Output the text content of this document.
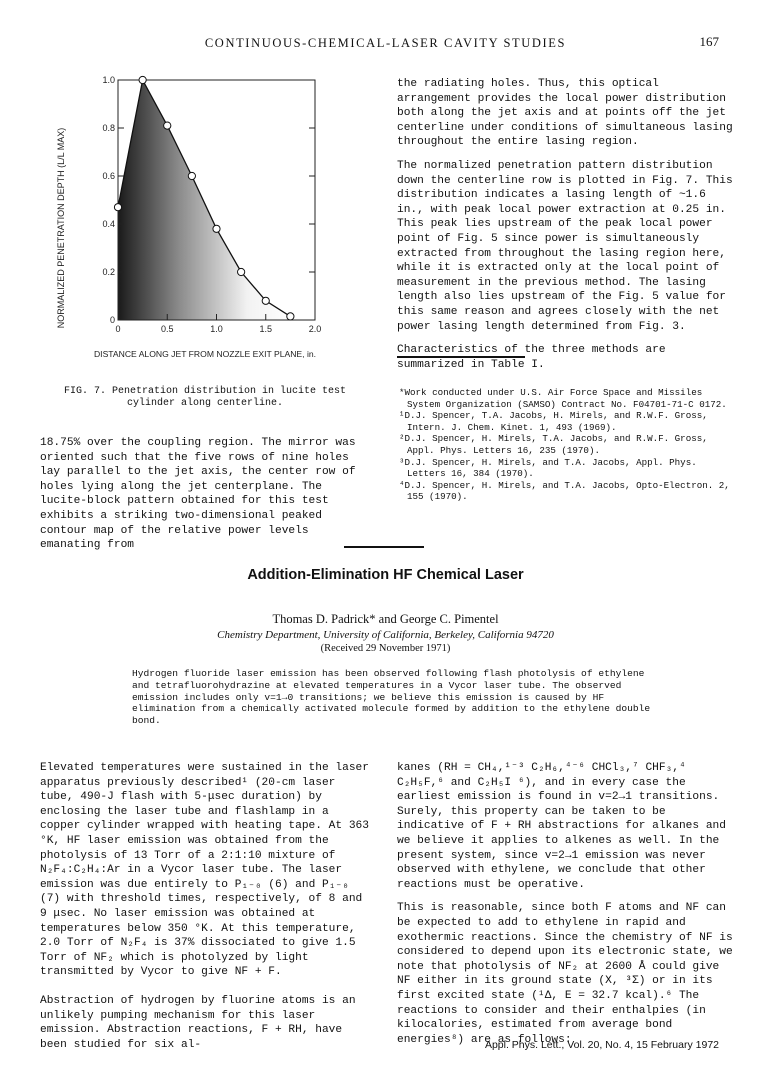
CONTINUOUS-CHEMICAL-LASER CAVITY STUDIES	167
0	0.5	1.0	1.5	2.0
0
0.2
0.4
0.6
0.8
1.0
NORMALIZED PENETRATION DEPTH (L/L MAX)
DISTANCE ALONG JET FROM NOZZLE EXIT PLANE, in.
FIG. 7. Penetration distribution in lucite test cylinder along centerline.

18.75% over the coupling region. The mirror was oriented such that the five rows of nine holes lay parallel to the jet axis, the center row of holes lying along the jet centerplane. The lucite-block pattern obtained for this test exhibits a striking two-dimensional peaked contour map of the relative power levels emanating from

the radiating holes. Thus, this optical arrangement provides the local power distribution both along the jet axis and at points off the jet centerline under conditions of simultaneous lasing throughout the entire lasing region.

The normalized penetration pattern distribution down the centerline row is plotted in Fig. 7. This distribution indicates a lasing length of ~1.6 in., with peak local power extraction at 0.25 in. This peak lies upstream of the peak local power point of Fig. 5 since power is simultaneously extracted from throughout the lasing region here, while it is extracted only at the local point of measurement in the previous method. The lasing length also lies upstream of the Fig. 5 value for this same reason and agrees closely with the net power lasing length determined from Fig. 3.

Characteristics of the three methods are summarized in Table I.

*Work conducted under U.S. Air Force Space and Missiles System Organization (SAMSO) Contract No. F04701-71-C 0172.

¹D.J. Spencer, T.A. Jacobs, H. Mirels, and R.W.F. Gross, Intern. J. Chem. Kinet. 1, 493 (1969).

²D.J. Spencer, H. Mirels, T.A. Jacobs, and R.W.F. Gross, Appl. Phys. Letters 16, 235 (1970).

³D.J. Spencer, H. Mirels, and T.A. Jacobs, Appl. Phys. Letters 16, 384 (1970).

⁴D.J. Spencer, H. Mirels, and T.A. Jacobs, Opto-Electron. 2, 155 (1970).

Addition-Elimination HF Chemical Laser
Thomas D. Padrick* and George C. Pimentel
Chemistry Department, University of California, Berkeley, California 94720
(Received 29 November 1971)
Hydrogen fluoride laser emission has been observed following flash photolysis of ethylene and tetrafluorohydrazine at elevated temperatures in a Vycor laser tube. The observed emission includes only v=1→0 transitions; we believe this emission is caused by HF elimination from a chemically activated molecule formed by addition to the ethylene double bond.

Elevated temperatures were sustained in the laser apparatus previously described¹ (20-cm laser tube, 490-J flash with 5-μsec duration) by enclosing the laser tube and flashlamp in a copper cylinder wrapped with heating tape. At 363 °K, HF laser emission was obtained from the photolysis of 13 Torr of a 2:1:10 mixture of N₂F₄:C₂H₄:Ar in a Vycor laser tube. The laser emission was due entirely to P₁₋₀ (6) and P₁₋₀ (7) with threshold times, respectively, of 8 and 9 μsec. No laser emission was obtained at temperatures below 350 °K. At this temperature, 2.0 Torr of N₂F₄ is 37% dissociated to give 1.5 Torr of NF₂ which is photolyzed by light transmitted by Vycor to give NF + F.

Abstraction of hydrogen by fluorine atoms is an unlikely pumping mechanism for this laser emission. Abstraction reactions, F + RH, have been studied for six al-

kanes (RH = CH₄,¹⁻³ C₂H₆,⁴⁻⁶ CHCl₃,⁷ CHF₃,⁴ C₂H₅F,⁶ and C₂H₅I ⁶), and in every case the earliest emission is found in v=2→1 transitions. Surely, this property can be taken to be indicative of F + RH abstractions for alkanes and we believe it applies to alkenes as well. In the present system, since v=2→1 emission was never observed with ethylene, we conclude that other reactions must be operative.

This is reasonable, since both F atoms and NF can be expected to add to ethylene in rapid and exothermic reactions. Since the chemistry of NF is considered to depend upon its electronic state, we note that photolysis of NF₂ at 2600 Å could give NF either in its ground state (X, ³Σ) or in its first excited state (¹Δ, E = 32.7 kcal).⁶ The reactions to consider and their enthalpies (in kilocalories, estimated from average bond energies⁸) are as follows:

Appl. Phys. Lett., Vol. 20, No. 4, 15 February 1972
